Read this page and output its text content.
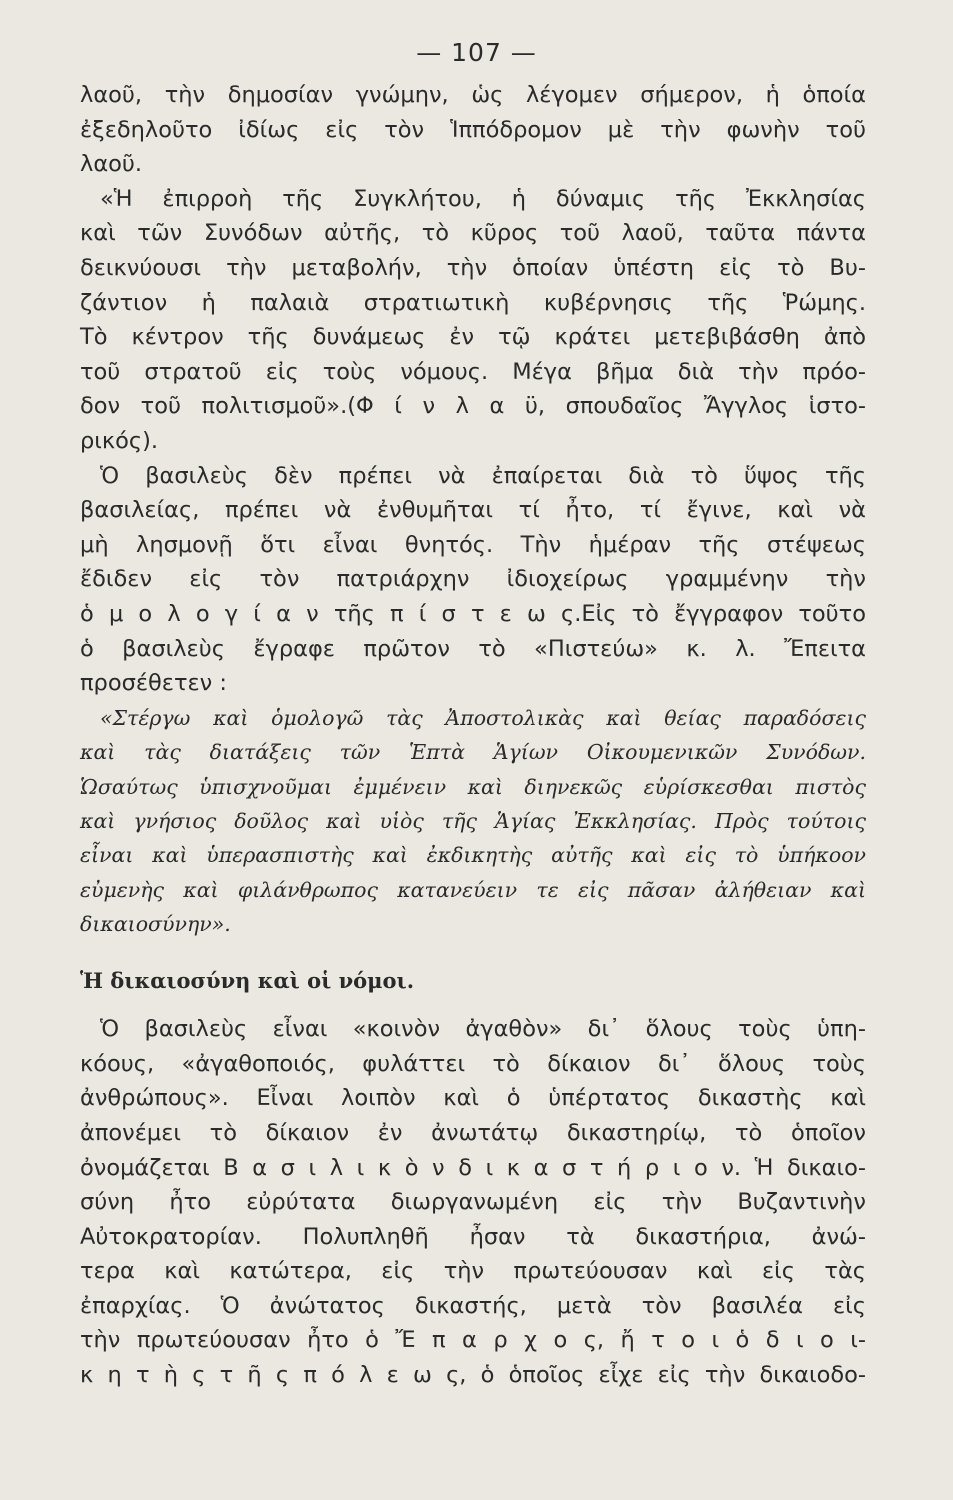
— 107 —
λαοῦ, τὴν δημοσίαν γνώμην, ὡς λέγομεν σήμερον, ἡ ὁποία
ἐξεδηλοῦτο ἰδίως εἰς τὸν Ἱππόδρομον μὲ τὴν φωνὴν τοῦ
λαοῦ.
«Ἡ ἐπιρροὴ τῆς Συγκλήτου, ἡ δύναμις τῆς Ἐκκλησίας
καὶ τῶν Συνόδων αὐτῆς, τὸ κῦρος τοῦ λαοῦ, ταῦτα πάντα
δεικνύουσι τὴν μεταβολήν, τὴν ὁποίαν ὑπέστη εἰς τὸ Βυ-
ζάντιον ἡ παλαιὰ στρατιωτικὴ κυβέρνησις τῆς Ῥώμης.
Τὸ κέντρον τῆς δυνάμεως ἐν τῷ κράτει μετεβιβάσθη ἀπὸ
τοῦ στρατοῦ εἰς τοὺς νόμους. Μέγα βῆμα διὰ τὴν πρόο-
δον τοῦ πολιτισμοῦ».(Φ ί ν λ α ϋ, σπουδαῖος Ἄγγλος ἱστο-
ρικός).
Ὁ βασιλεὺς δὲν πρέπει νὰ ἐπαίρεται διὰ τὸ ὕψος τῆς
βασιλείας, πρέπει νὰ ἐνθυμῆται τί ἦτο, τί ἔγινε, καὶ νὰ
μὴ λησμονῇ ὅτι εἶναι θνητός. Τὴν ἡμέραν τῆς στέψεως
ἔδιδεν εἰς τὸν πατριάρχην ἰδιοχείρως γραμμένην τὴν
ὁ μ ο λ ο γ ί α ν τῆς π ί σ τ ε ω ς.Εἰς τὸ ἔγγραφον τοῦτο
ὁ βασιλεὺς ἔγραφε πρῶτον τὸ «Πιστεύω» κ. λ. Ἔπειτα
προσέθετεν :
«Στέργω καὶ ὁμολογῶ τὰς Ἀποστολικὰς καὶ θείας παραδόσεις
καὶ τὰς διατάξεις τῶν Ἑπτὰ Ἁγίων Οἰκουμενικῶν Συνόδων.
Ὡσαύτως ὑπισχνοῦμαι ἐμμένειν καὶ διηνεκῶς εὑρίσκεσθαι πιστὸς
καὶ γνήσιος δοῦλος καὶ υἱὸς τῆς Ἁγίας Ἐκκλησίας. Πρὸς τούτοις
εἶναι καὶ ὑπερασπιστὴς καὶ ἐκδικητὴς αὐτῆς καὶ εἰς τὸ ὑπήκοον
εὐμενὴς καὶ φιλάνθρωπος κατανεύειν τε εἰς πᾶσαν ἀλήθειαν καὶ
δικαιοσύνην».
Ἡ δικαιοσύνη καὶ οἱ νόμοι.
Ὁ βασιλεὺς εἶναι «κοινὸν ἀγαθὸν» δι᾿ ὅλους τοὺς ὑπη-
κόους, «ἀγαθοποιός, φυλάττει τὸ δίκαιον δι᾿ ὅλους τοὺς
ἀνθρώπους». Εἶναι λοιπὸν καὶ ὁ ὑπέρτατος δικαστὴς καὶ
ἀπονέμει τὸ δίκαιον ἐν ἀνωτάτῳ δικαστηρίῳ, τὸ ὁποῖον
ὀνομάζεται Β α σ ι λ ι κ ὸ ν δ ι κ α σ τ ή ρ ι ο ν. Ἡ δικαιο-
σύνη ἦτο εὐρύτατα διωργανωμένη εἰς τὴν Βυζαντινὴν
Αὐτοκρατορίαν. Πολυπληθῆ ἦσαν τὰ δικαστήρια, ἀνώ-
τερα καὶ κατώτερα, εἰς τὴν πρωτεύουσαν καὶ εἰς τὰς
ἐπαρχίας. Ὁ ἀνώτατος δικαστής, μετὰ τὸν βασιλέα εἰς
τὴν πρωτεύουσαν ἦτο ὁ Ἔ π α ρ χ ο ς, ἤ τ ο ι ὁ δ ι ο ι-
κ η τ ὴ ς τ ῆ ς π ό λ ε ω ς, ὁ ὁποῖος εἶχε εἰς τὴν δικαιοδο-
